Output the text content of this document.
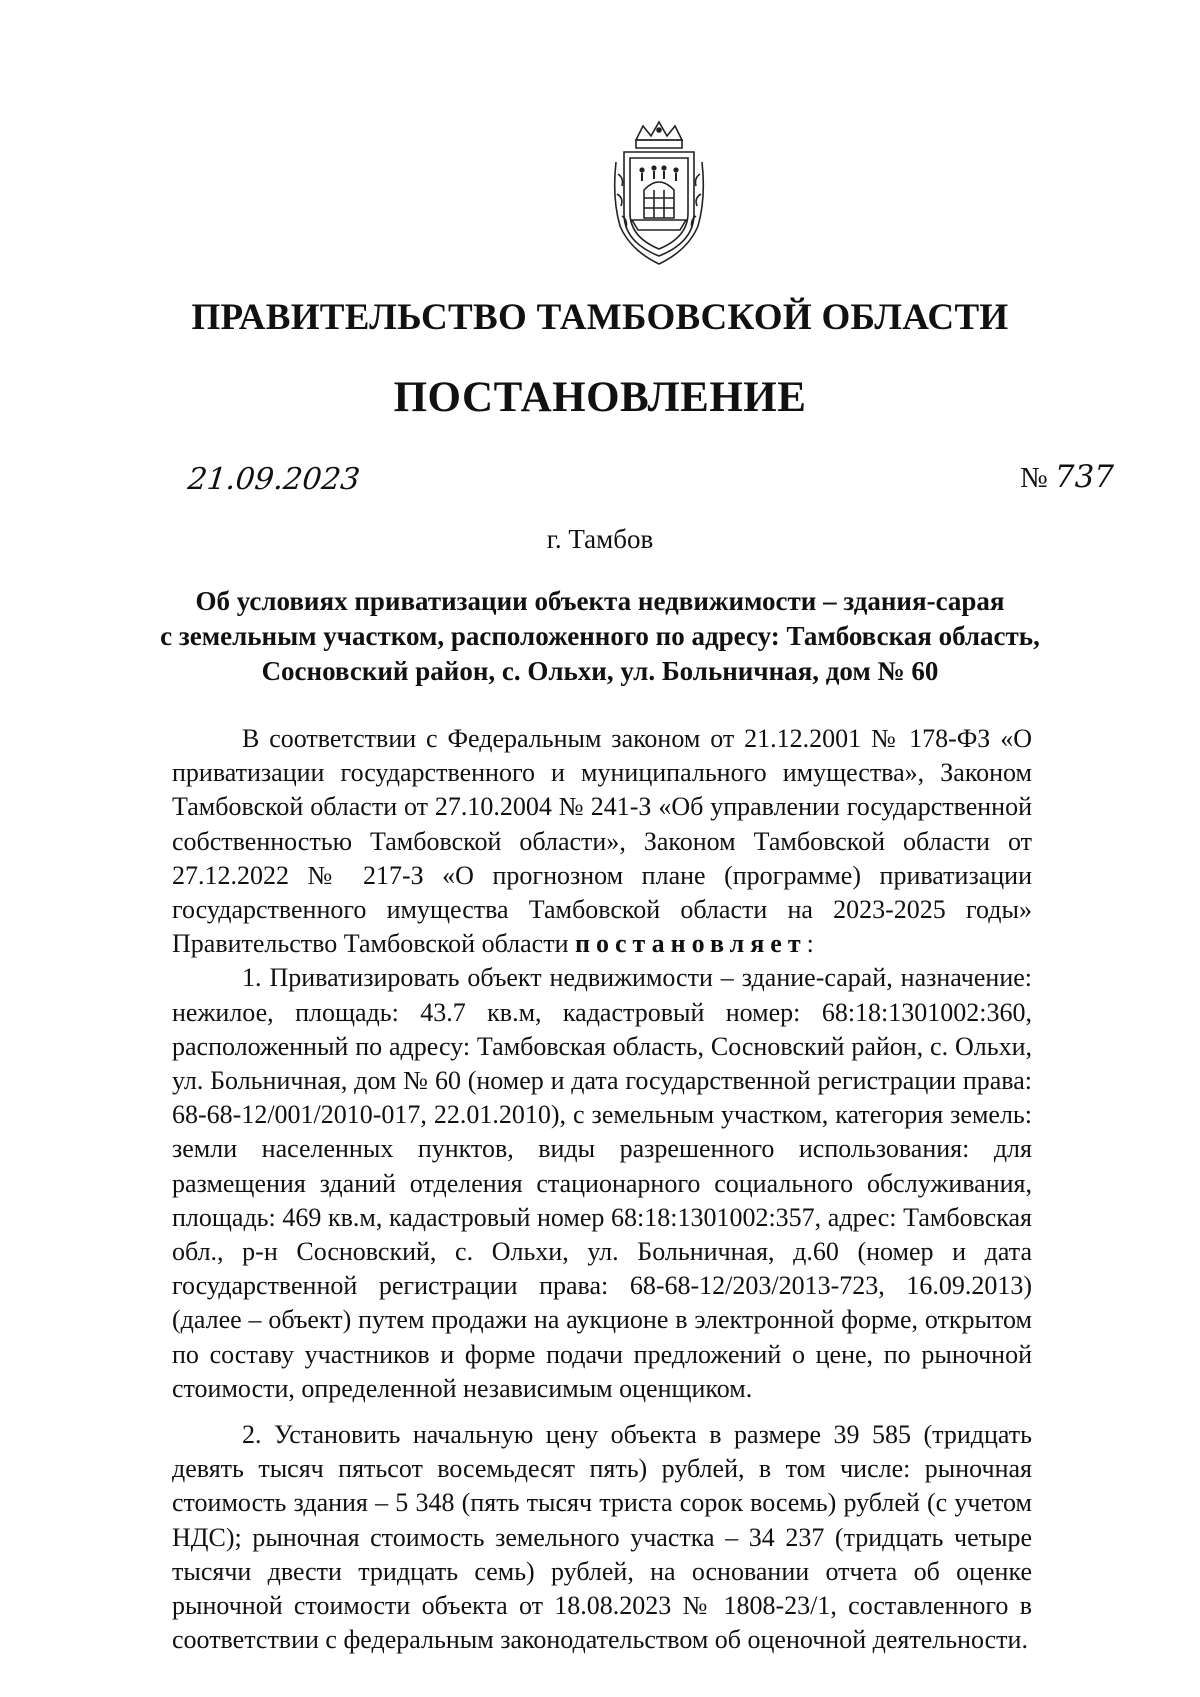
ПРАВИТЕЛЬСТВО ТАМБОВСКОЙ ОБЛАСТИ
ПОСТАНОВЛЕНИЕ
21.09.2023	№ 737
г. Тамбов
Об условиях приватизации объекта недвижимости – здания-сарая
с земельным участком, расположенного по адресу: Тамбовская область,
Сосновский район, с. Ольхи, ул. Больничная, дом № 60

В соответствии с Федеральным законом от 21.12.2001 № 178-ФЗ «О приватизации государственного и муниципального имущества», Законом Тамбовской области от 27.10.2004 № 241-З «Об управлении государственной собственностью Тамбовской области», Законом Тамбовской области от 27.12.2022 № 217-З «О прогнозном плане (программе) приватизации государственного имущества Тамбовской области на 2023-2025 годы» Правительство Тамбовской области постановляет:

1. Приватизировать объект недвижимости – здание-сарай, назначение: нежилое, площадь: 43.7 кв.м, кадастровый номер: 68:18:1301002:360, расположенный по адресу: Тамбовская область, Сосновский район, с. Ольхи, ул. Больничная, дом № 60 (номер и дата государственной регистрации права: 68-68-12/001/2010-017, 22.01.2010), с земельным участком, категория земель: земли населенных пунктов, виды разрешенного использования: для размещения зданий отделения стационарного социального обслуживания, площадь: 469 кв.м, кадастровый номер 68:18:1301002:357, адрес: Тамбовская обл., р-н Сосновский, с. Ольхи, ул. Больничная, д.60 (номер и дата государственной регистрации права: 68-68-12/203/2013-723, 16.09.2013) (далее – объект) путем продажи на аукционе в электронной форме, открытом по составу участников и форме подачи предложений о цене, по рыночной стоимости, определенной независимым оценщиком.

2. Установить начальную цену объекта в размере 39 585 (тридцать девять тысяч пятьсот восемьдесят пять) рублей, в том числе: рыночная стоимость здания – 5 348 (пять тысяч триста сорок восемь) рублей (с учетом НДС); рыночная стоимость земельного участка – 34 237 (тридцать четыре тысячи двести тридцать семь) рублей, на основании отчета об оценке рыночной стоимости объекта от 18.08.2023 № 1808-23/1, составленного в соответствии с федеральным законодательством об оценочной деятельности.
